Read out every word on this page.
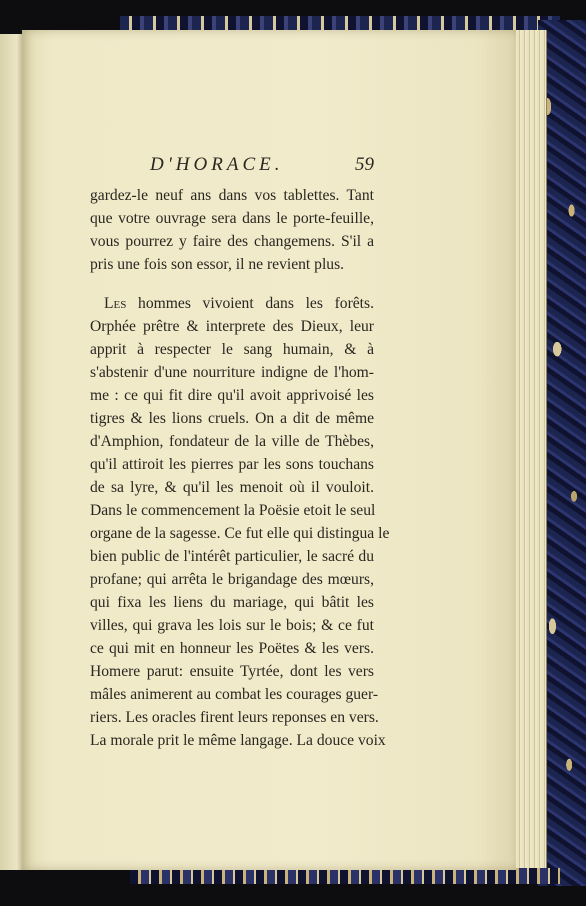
D'HORACE.	59
gardez-le neuf ans dans vos tablettes. Tant
que votre ouvrage sera dans le porte-feuille,
vous pourrez y faire des changemens. S'il a
pris une fois son essor, il ne revient plus.
Les hommes vivoient dans les forêts.
Orphée prêtre & interprete des Dieux, leur
apprit à respecter le sang humain, & à
s'abstenir d'une nourriture indigne de l'hom-
me : ce qui fit dire qu'il avoit apprivoisé les
tigres & les lions cruels. On a dit de même
d'Amphion, fondateur de la ville de Thèbes,
qu'il attiroit les pierres par les sons touchans
de sa lyre, & qu'il les menoit où il vouloit.
Dans le commencement la Poësie etoit le seul
organe de la sagesse. Ce fut elle qui distingua le
bien public de l'intérêt particulier, le sacré du
profane; qui arrêta le brigandage des mœurs,
qui fixa les liens du mariage, qui bâtit les
villes, qui grava les lois sur le bois; & ce fut
ce qui mit en honneur les Poëtes & les vers.
Homere parut: ensuite Tyrtée, dont les vers
mâles animerent au combat les courages guer-
riers. Les oracles firent leurs reponses en vers.
La morale prit le même langage. La douce voix
